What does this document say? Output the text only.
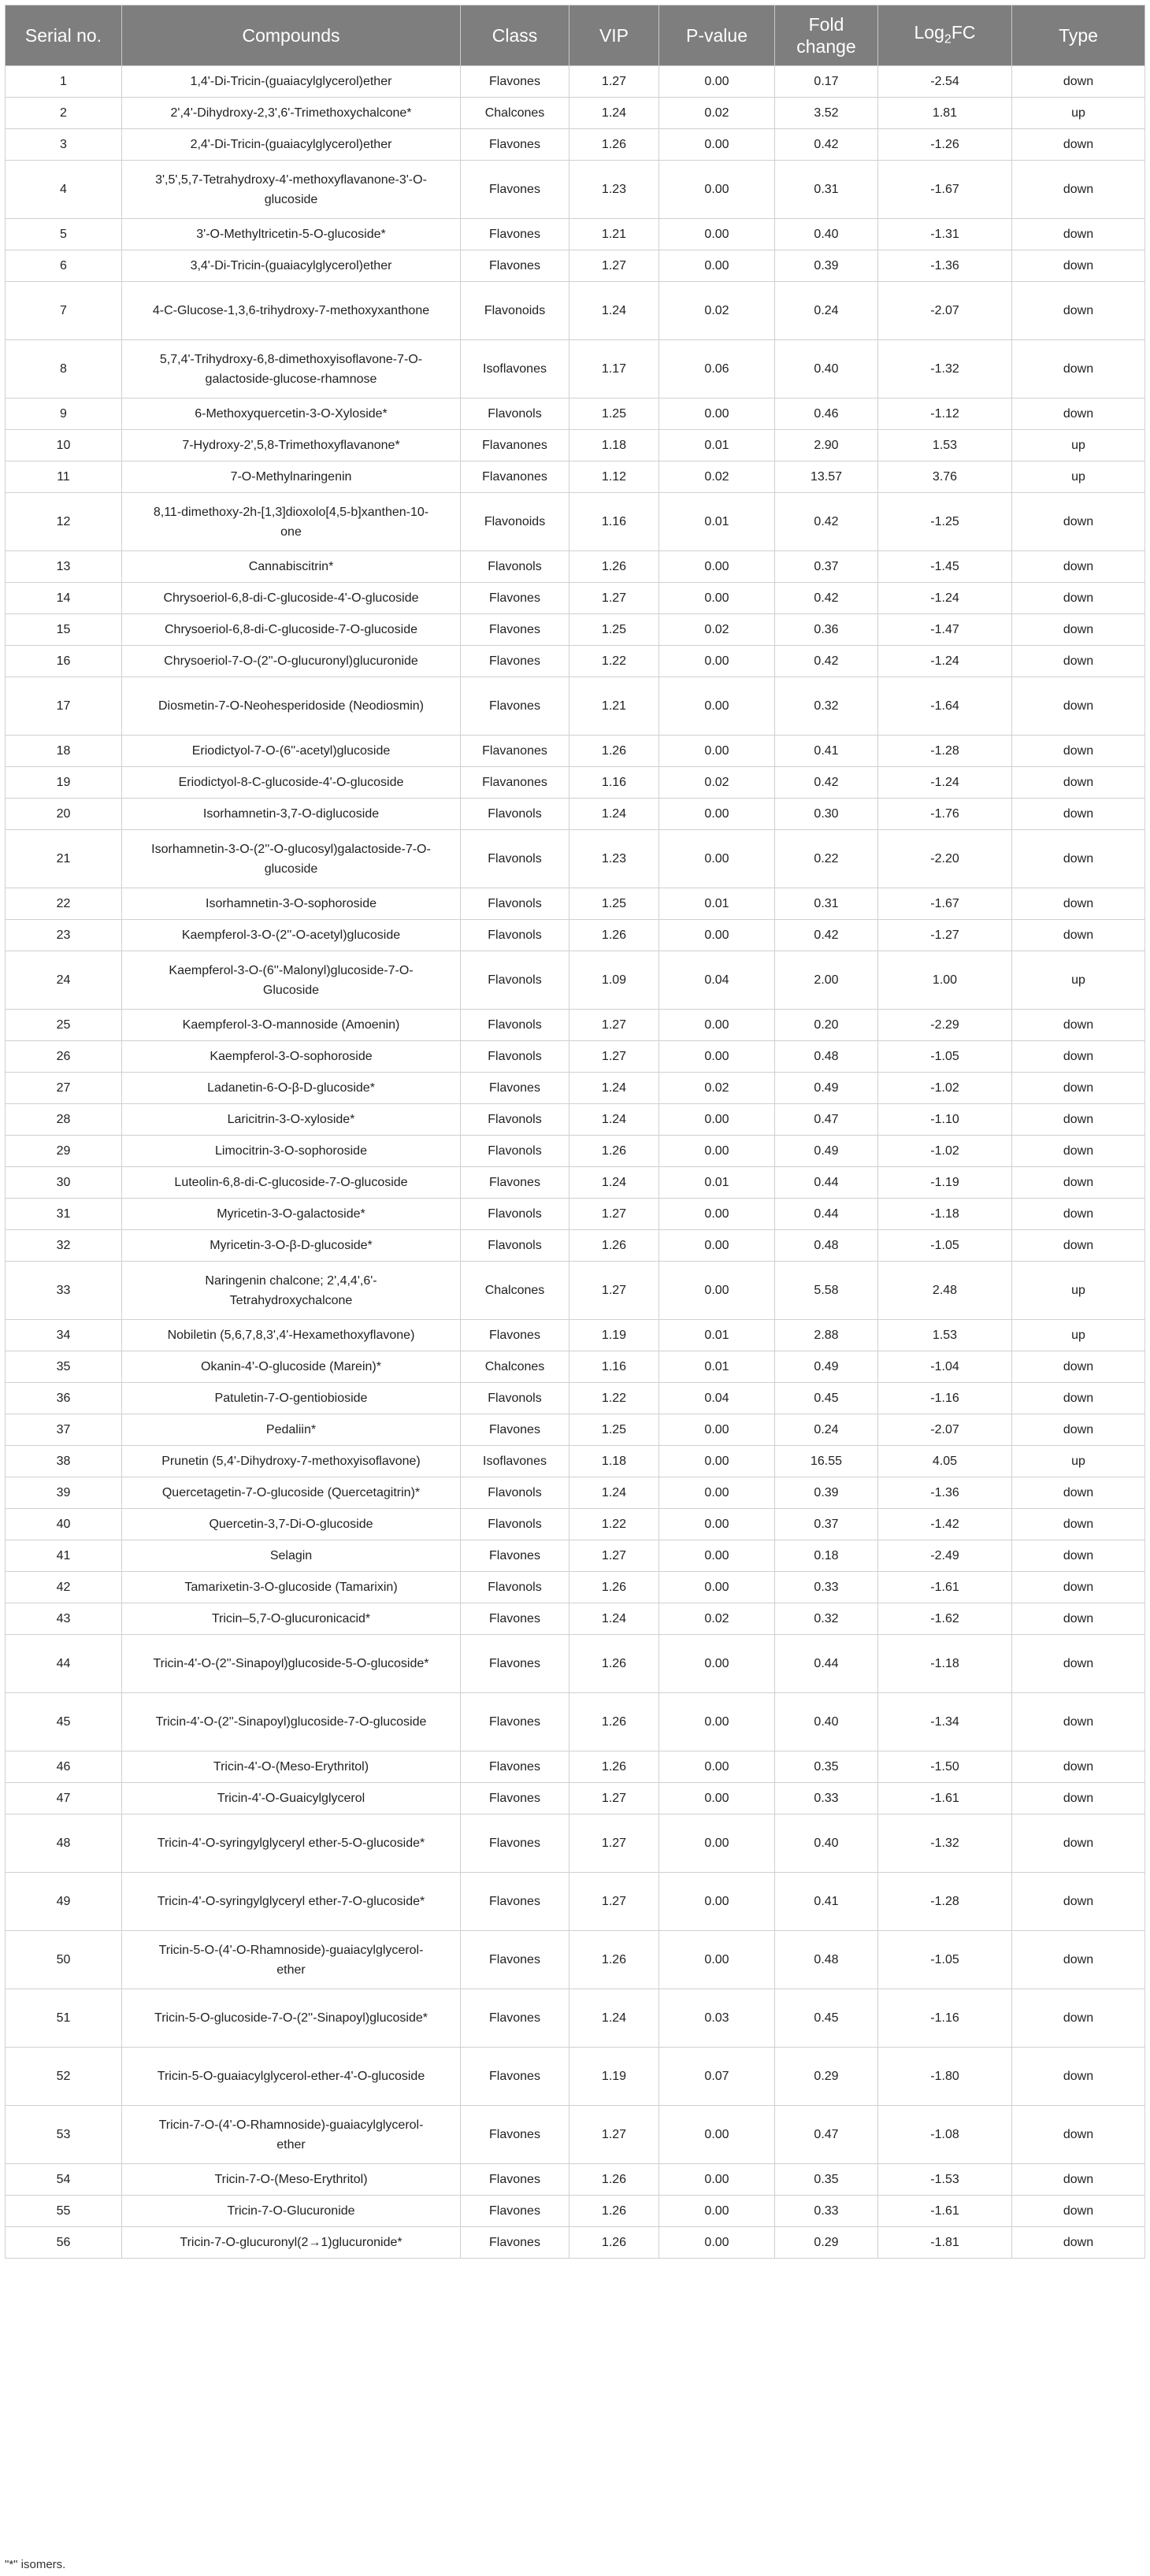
Serial no.	Compounds	Class	VIP	P-value	Fold change	Log$_2$FC	Type
1	1,4'-Di-Tricin-(guaiacylglycerol)ether	Flavones	1.27	0.00	0.17	-2.54	down
2	2',4'-Dihydroxy-2,3',6'-Trimethoxychalcone*	Chalcones	1.24	0.02	3.52	1.81	up
3	2,4'-Di-Tricin-(guaiacylglycerol)ether	Flavones	1.26	0.00	0.42	-1.26	down
4	3',5',5,7-Tetrahydroxy-4'-methoxyflavanone-3'-O-glucoside	Flavones	1.23	0.00	0.31	-1.67	down
5	3'-O-Methyltricetin-5-O-glucoside*	Flavones	1.21	0.00	0.40	-1.31	down
6	3,4'-Di-Tricin-(guaiacylglycerol)ether	Flavones	1.27	0.00	0.39	-1.36	down
7	4-C-Glucose-1,3,6-trihydroxy-7-methoxyxanthone	Flavonoids	1.24	0.02	0.24	-2.07	down
8	5,7,4'-Trihydroxy-6,8-dimethoxyisoflavone-7-O-galactoside-glucose-rhamnose	Isoflavones	1.17	0.06	0.40	-1.32	down
9	6-Methoxyquercetin-3-O-Xyloside*	Flavonols	1.25	0.00	0.46	-1.12	down
10	7-Hydroxy-2',5,8-Trimethoxyflavanone*	Flavanones	1.18	0.01	2.90	1.53	up
11	7-O-Methylnaringenin	Flavanones	1.12	0.02	13.57	3.76	up
12	8,11-dimethoxy-2h-[1,3]dioxolo[4,5-b]xanthen-10-one	Flavonoids	1.16	0.01	0.42	-1.25	down
13	Cannabiscitrin*	Flavonols	1.26	0.00	0.37	-1.45	down
14	Chrysoeriol-6,8-di-C-glucoside-4'-O-glucoside	Flavones	1.27	0.00	0.42	-1.24	down
15	Chrysoeriol-6,8-di-C-glucoside-7-O-glucoside	Flavones	1.25	0.02	0.36	-1.47	down
16	Chrysoeriol-7-O-(2''-O-glucuronyl)glucuronide	Flavones	1.22	0.00	0.42	-1.24	down
17	Diosmetin-7-O-Neohesperidoside (Neodiosmin)	Flavones	1.21	0.00	0.32	-1.64	down
18	Eriodictyol-7-O-(6''-acetyl)glucoside	Flavanones	1.26	0.00	0.41	-1.28	down
19	Eriodictyol-8-C-glucoside-4'-O-glucoside	Flavanones	1.16	0.02	0.42	-1.24	down
20	Isorhamnetin-3,7-O-diglucoside	Flavonols	1.24	0.00	0.30	-1.76	down
21	Isorhamnetin-3-O-(2''-O-glucosyl)galactoside-7-O-glucoside	Flavonols	1.23	0.00	0.22	-2.20	down
22	Isorhamnetin-3-O-sophoroside	Flavonols	1.25	0.01	0.31	-1.67	down
23	Kaempferol-3-O-(2''-O-acetyl)glucoside	Flavonols	1.26	0.00	0.42	-1.27	down
24	Kaempferol-3-O-(6''-Malonyl)glucoside-7-O-Glucoside	Flavonols	1.09	0.04	2.00	1.00	up
25	Kaempferol-3-O-mannoside (Amoenin)	Flavonols	1.27	0.00	0.20	-2.29	down
26	Kaempferol-3-O-sophoroside	Flavonols	1.27	0.00	0.48	-1.05	down
27	Ladanetin-6-O-β-D-glucoside*	Flavones	1.24	0.02	0.49	-1.02	down
28	Laricitrin-3-O-xyloside*	Flavonols	1.24	0.00	0.47	-1.10	down
29	Limocitrin-3-O-sophoroside	Flavonols	1.26	0.00	0.49	-1.02	down
30	Luteolin-6,8-di-C-glucoside-7-O-glucoside	Flavones	1.24	0.01	0.44	-1.19	down
31	Myricetin-3-O-galactoside*	Flavonols	1.27	0.00	0.44	-1.18	down
32	Myricetin-3-O-β-D-glucoside*	Flavonols	1.26	0.00	0.48	-1.05	down
33	Naringenin chalcone; 2',4,4',6'-Tetrahydroxychalcone	Chalcones	1.27	0.00	5.58	2.48	up
34	Nobiletin (5,6,7,8,3',4'-Hexamethoxyflavone)	Flavones	1.19	0.01	2.88	1.53	up
35	Okanin-4'-O-glucoside (Marein)*	Chalcones	1.16	0.01	0.49	-1.04	down
36	Patuletin-7-O-gentiobioside	Flavonols	1.22	0.04	0.45	-1.16	down
37	Pedaliin*	Flavones	1.25	0.00	0.24	-2.07	down
38	Prunetin (5,4'-Dihydroxy-7-methoxyisoflavone)	Isoflavones	1.18	0.00	16.55	4.05	up
39	Quercetagetin-7-O-glucoside (Quercetagitrin)*	Flavonols	1.24	0.00	0.39	-1.36	down
40	Quercetin-3,7-Di-O-glucoside	Flavonols	1.22	0.00	0.37	-1.42	down
41	Selagin	Flavones	1.27	0.00	0.18	-2.49	down
42	Tamarixetin-3-O-glucoside (Tamarixin)	Flavonols	1.26	0.00	0.33	-1.61	down
43	Tricin–5,7-O-glucuronicacid*	Flavones	1.24	0.02	0.32	-1.62	down
44	Tricin-4'-O-(2''-Sinapoyl)glucoside-5-O-glucoside*	Flavones	1.26	0.00	0.44	-1.18	down
45	Tricin-4'-O-(2''-Sinapoyl)glucoside-7-O-glucoside	Flavones	1.26	0.00	0.40	-1.34	down
46	Tricin-4'-O-(Meso-Erythritol)	Flavones	1.26	0.00	0.35	-1.50	down
47	Tricin-4'-O-Guaicylglycerol	Flavones	1.27	0.00	0.33	-1.61	down
48	Tricin-4'-O-syringylglyceryl ether-5-O-glucoside*	Flavones	1.27	0.00	0.40	-1.32	down
49	Tricin-4'-O-syringylglyceryl ether-7-O-glucoside*	Flavones	1.27	0.00	0.41	-1.28	down
50	Tricin-5-O-(4'-O-Rhamnoside)-guaiacylglycerol-ether	Flavones	1.26	0.00	0.48	-1.05	down
51	Tricin-5-O-glucoside-7-O-(2''-Sinapoyl)glucoside*	Flavones	1.24	0.03	0.45	-1.16	down
52	Tricin-5-O-guaiacylglycerol-ether-4'-O-glucoside	Flavones	1.19	0.07	0.29	-1.80	down
53	Tricin-7-O-(4'-O-Rhamnoside)-guaiacylglycerol-ether	Flavones	1.27	0.00	0.47	-1.08	down
54	Tricin-7-O-(Meso-Erythritol)	Flavones	1.26	0.00	0.35	-1.53	down
55	Tricin-7-O-Glucuronide	Flavones	1.26	0.00	0.33	-1.61	down
56	Tricin-7-O-glucuronyl(2→1)glucuronide*	Flavones	1.26	0.00	0.29	-1.81	down
"*" isomers.
